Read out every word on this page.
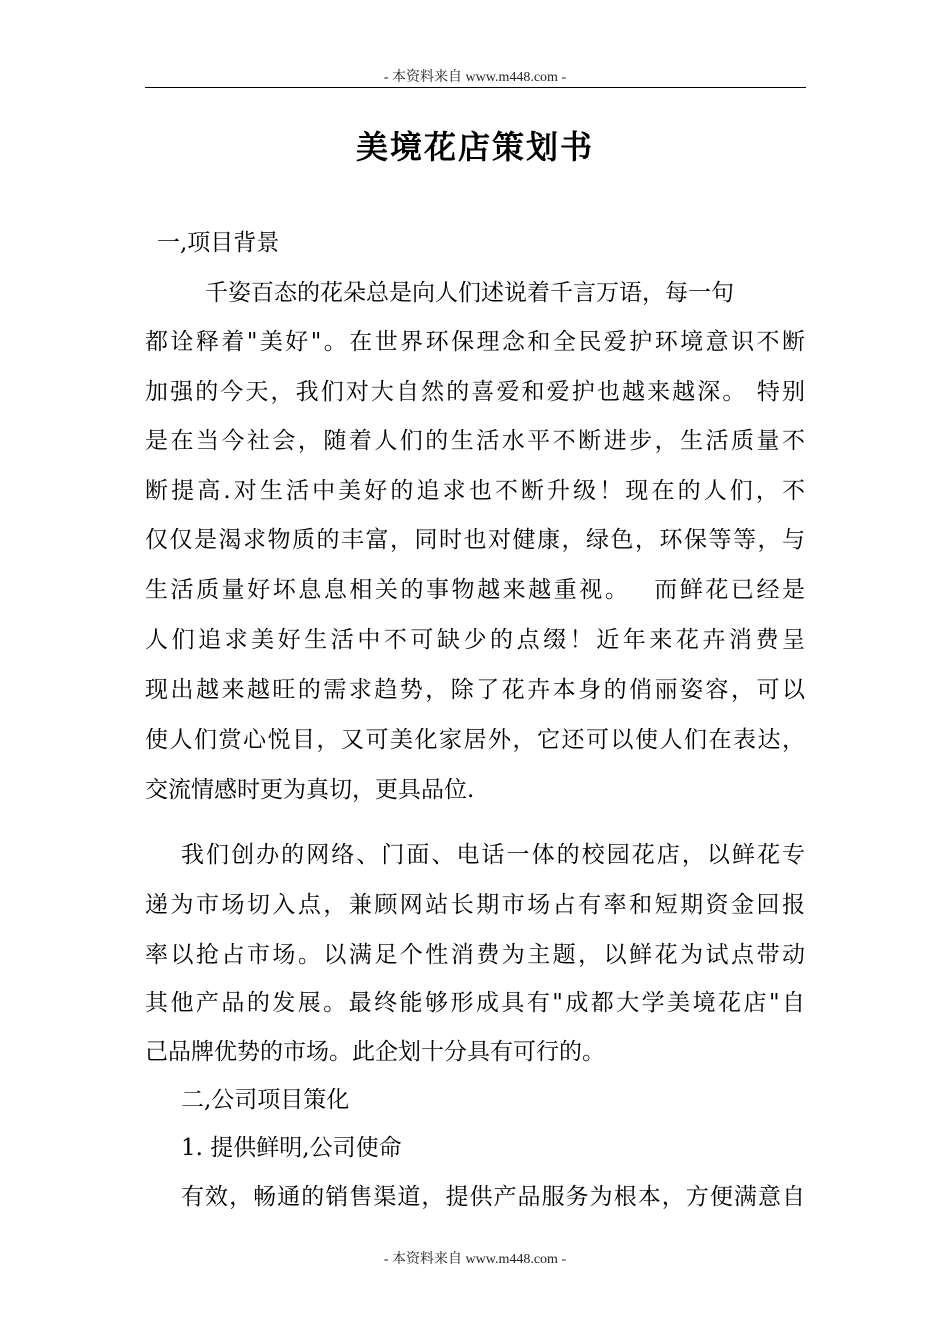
- 本资料来自 www.m448.com -
美境花店策划书
一,项目背景
千姿百态的花朵总是向人们述说着千言万语，每一句
都诠释着"美好"。在世界环保理念和全民爱护环境意识不断
加强的今天，我们对大自然的喜爱和爱护也越来越深。 特别
是在当今社会，随着人们的生活水平不断进步，生活质量不
断提高.对生活中美好的追求也不断升级！现在的人们，不
仅仅是渴求物质的丰富，同时也对健康，绿色，环保等等，与
生活质量好坏息息相关的事物越来越重视。　 而鲜花已经是
人们追求美好生活中不可缺少的点缀！近年来花卉消费呈
现出越来越旺的需求趋势，除了花卉本身的俏丽姿容，可以
使人们赏心悦目，又可美化家居外，它还可以使人们在表达，
交流情感时更为真切，更具品位.
我们创办的网络、门面、电话一体的校园花店，以鲜花专
递为市场切入点，兼顾网站长期市场占有率和短期资金回报
率以抢占市场。以满足个性消费为主题，以鲜花为试点带动
其他产品的发展。最终能够形成具有"成都大学美境花店"自
己品牌优势的市场。此企划十分具有可行的。
二,公司项目策化
1. 提供鲜明,公司使命
有效，畅通的销售渠道，提供产品服务为根本，方便满意自
- 本资料来自 www.m448.com -
